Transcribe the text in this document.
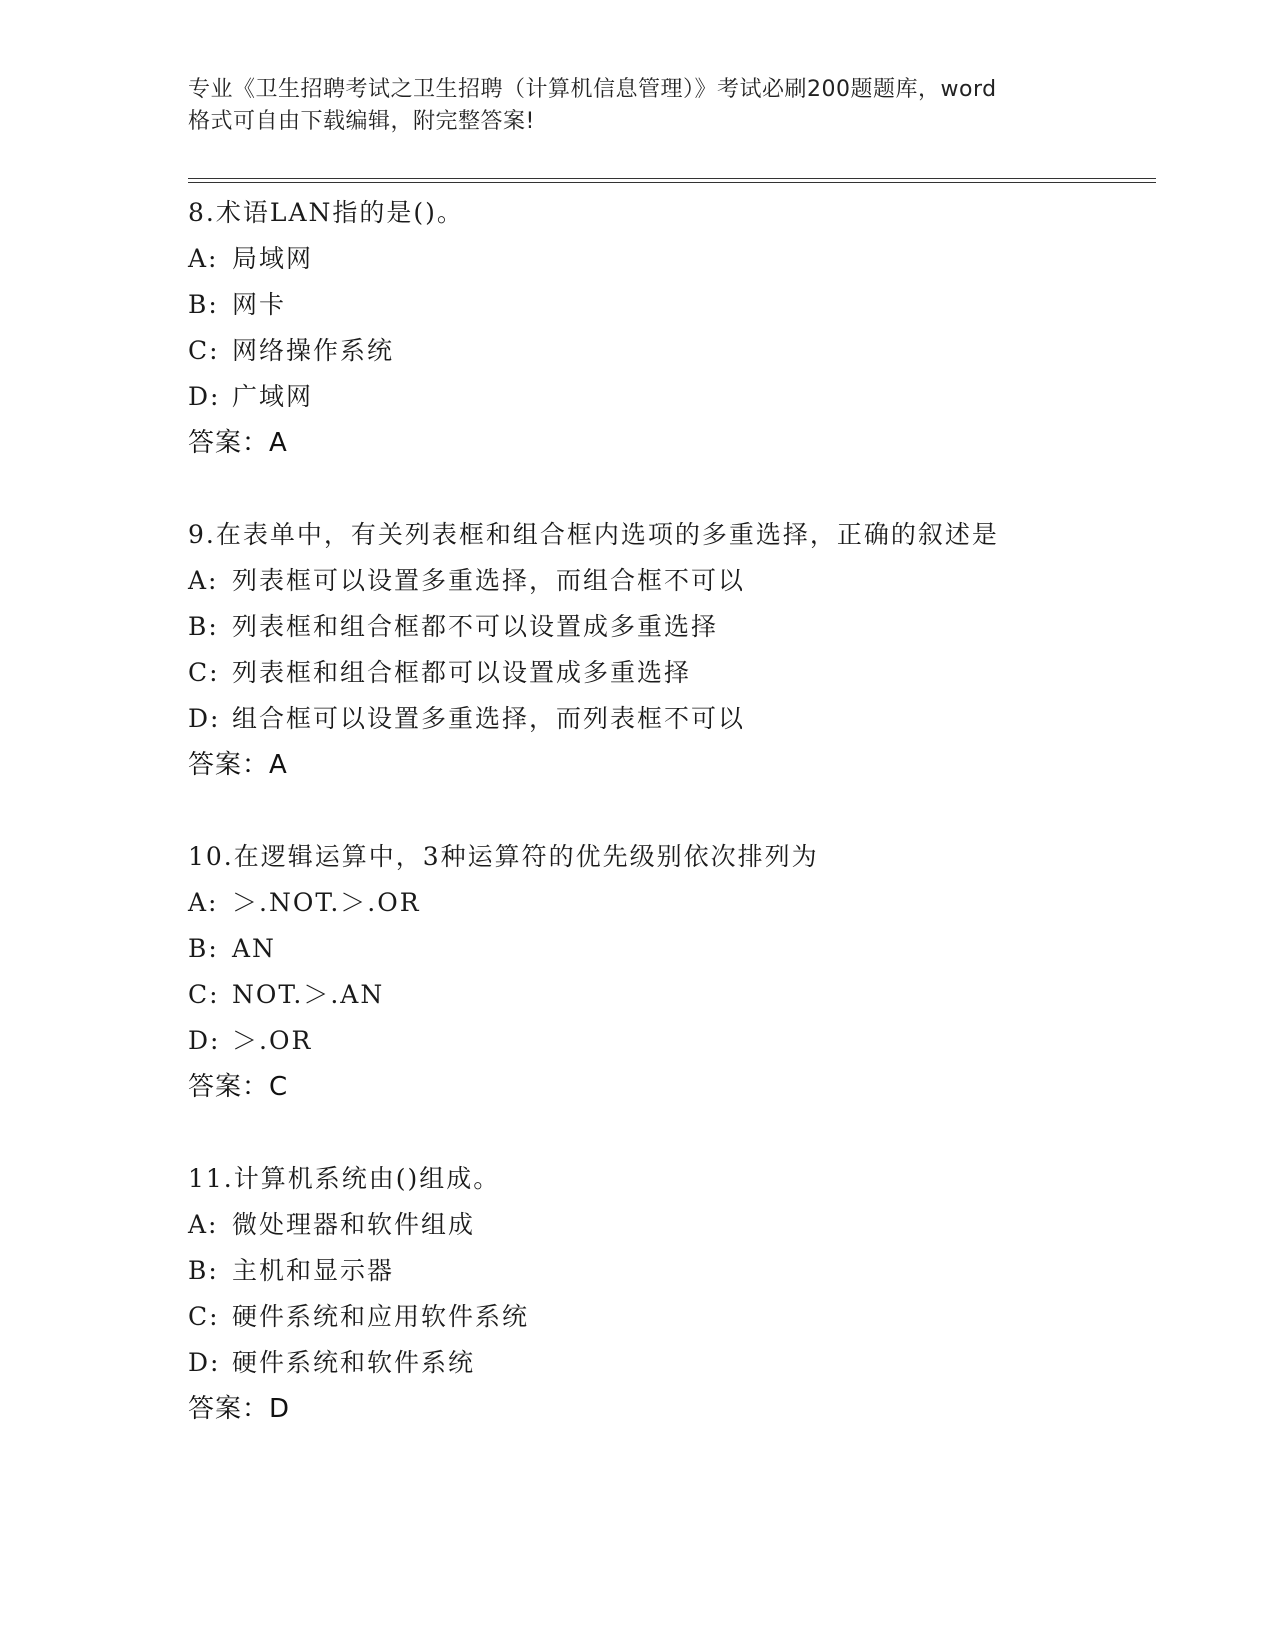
专业《卫生招聘考试之卫生招聘（计算机信息管理）》考试必刷200题题库，word
格式可自由下载编辑，附完整答案!
8.术语LAN指的是()。
A: 局域网
B: 网卡
C: 网络操作系统
D: 广域网
答案：A
9.在表单中，有关列表框和组合框内选项的多重选择，正确的叙述是
A: 列表框可以设置多重选择，而组合框不可以
B: 列表框和组合框都不可以设置成多重选择
C: 列表框和组合框都可以设置成多重选择
D: 组合框可以设置多重选择，而列表框不可以
答案：A
10.在逻辑运算中，3种运算符的优先级别依次排列为
A: ＞.NOT.＞.OR
B: AN
C: NOT.＞.AN
D: ＞.OR
答案：C
11.计算机系统由()组成。
A: 微处理器和软件组成
B: 主机和显示器
C: 硬件系统和应用软件系统
D: 硬件系统和软件系统
答案：D
